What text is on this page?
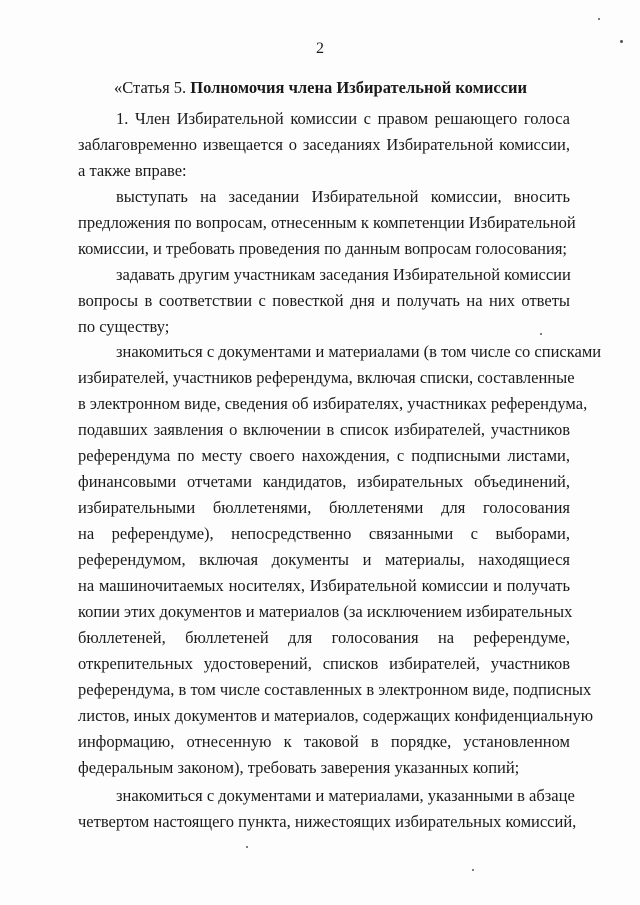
2
«Статья 5. Полномочия члена Избирательной комиссии
1. Член Избирательной комиссии с правом решающего голоса
заблаговременно извещается о заседаниях Избирательной комиссии,
а также вправе:
выступать на заседании Избирательной комиссии, вносить
предложения по вопросам, отнесенным к компетенции Избирательной
комиссии, и требовать проведения по данным вопросам голосования;
задавать другим участникам заседания Избирательной комиссии
вопросы в соответствии с повесткой дня и получать на них ответы
по существу;
знакомиться с документами и материалами (в том числе со списками
избирателей, участников референдума, включая списки, составленные
в электронном виде, сведения об избирателях, участниках референдума,
подавших заявления о включении в список избирателей, участников
референдума по месту своего нахождения, с подписными листами,
финансовыми отчетами кандидатов, избирательных объединений,
избирательными бюллетенями, бюллетенями для голосования
на референдуме), непосредственно связанными с выборами,
референдумом, включая документы и материалы, находящиеся
на машиночитаемых носителях, Избирательной комиссии и получать
копии этих документов и материалов (за исключением избирательных
бюллетеней, бюллетеней для голосования на референдуме,
открепительных удостоверений, списков избирателей, участников
референдума, в том числе составленных в электронном виде, подписных
листов, иных документов и материалов, содержащих конфиденциальную
информацию, отнесенную к таковой в порядке, установленном
федеральным законом), требовать заверения указанных копий;
знакомиться с документами и материалами, указанными в абзаце
четвертом настоящего пункта, нижестоящих избирательных комиссий,
